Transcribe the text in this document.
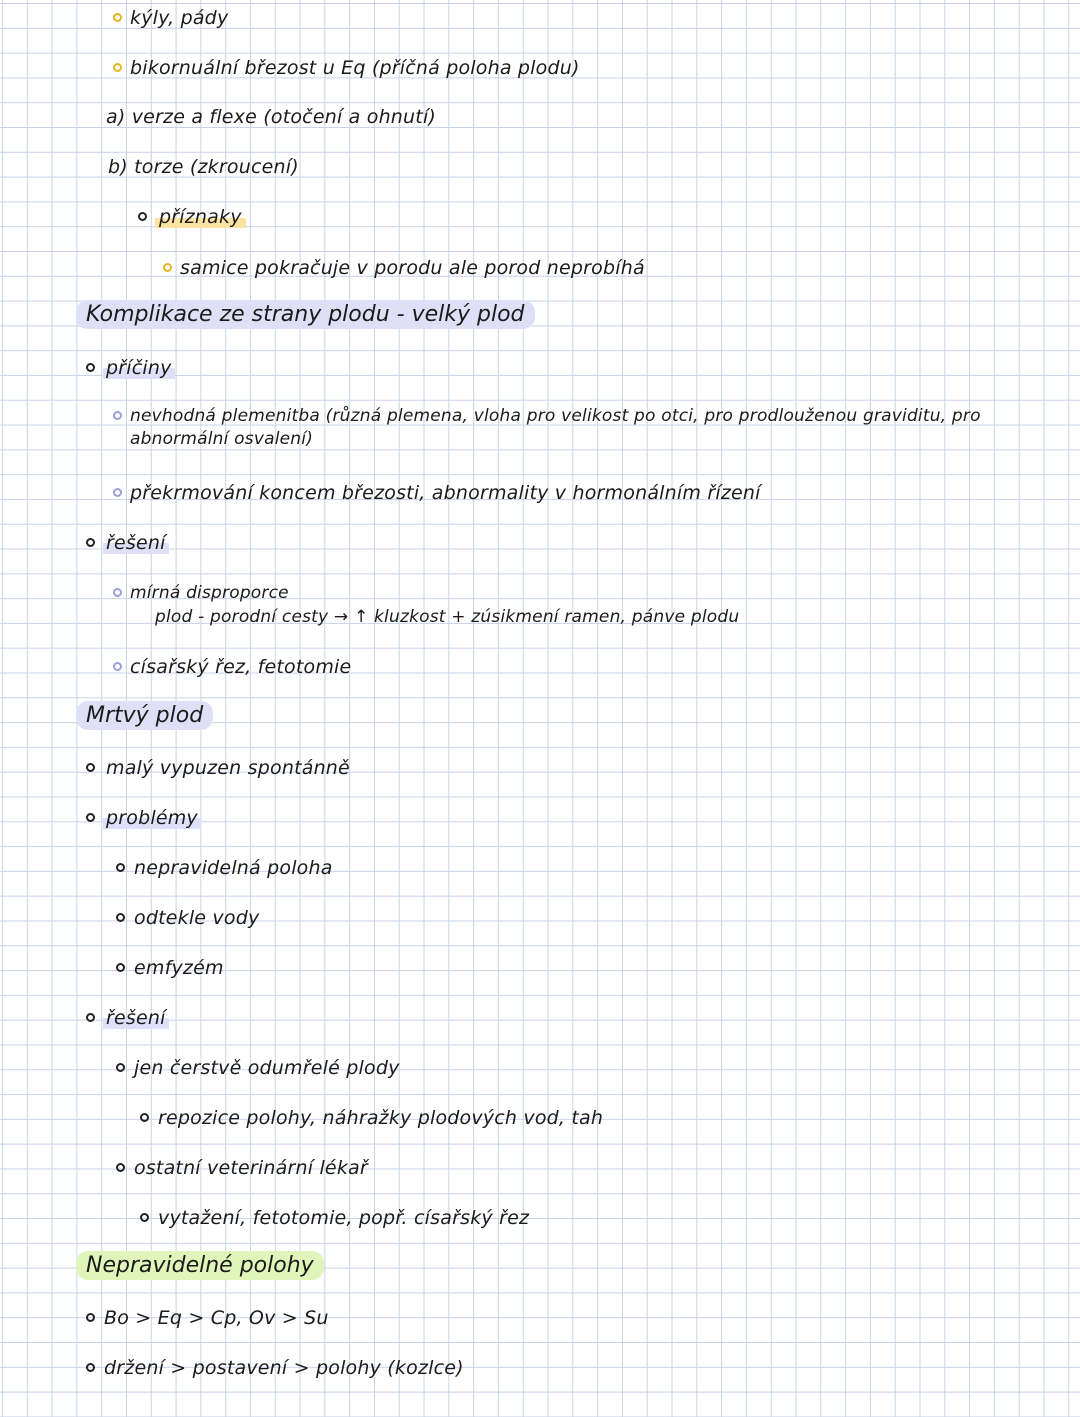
kýly, pády
bikornuální březost u Eq (příčná poloha plodu)
a) verze a flexe (otočení a ohnutí)
b) torze (zkroucení)
příznaky
samice pokračuje v porodu ale porod neprobíhá
Komplikace ze strany plodu - velký plod
příčiny
nevhodná plemenitba (různá plemena, vloha pro velikost po otci, pro prodlouženou graviditu, pro
abnormální osvalení)
překrmování koncem březosti, abnormality v hormonálním řízení
řešení
mírná disproporce
plod - porodní cesty → ↑ kluzkost + zúsikmení ramen, pánve plodu
císařský řez, fetotomie
Mrtvý plod
malý vypuzen spontánně
problémy
nepravidelná poloha
odtekle vody
emfyzém
řešení
jen čerstvě odumřelé plody
repozice polohy, náhražky plodových vod, tah
ostatní veterinární lékař
vytažení, fetotomie, popř. císařský řez
Nepravidelné polohy
Bo > Eq > Cp, Ov > Su
držení > postavení > polohy (kozlce)
